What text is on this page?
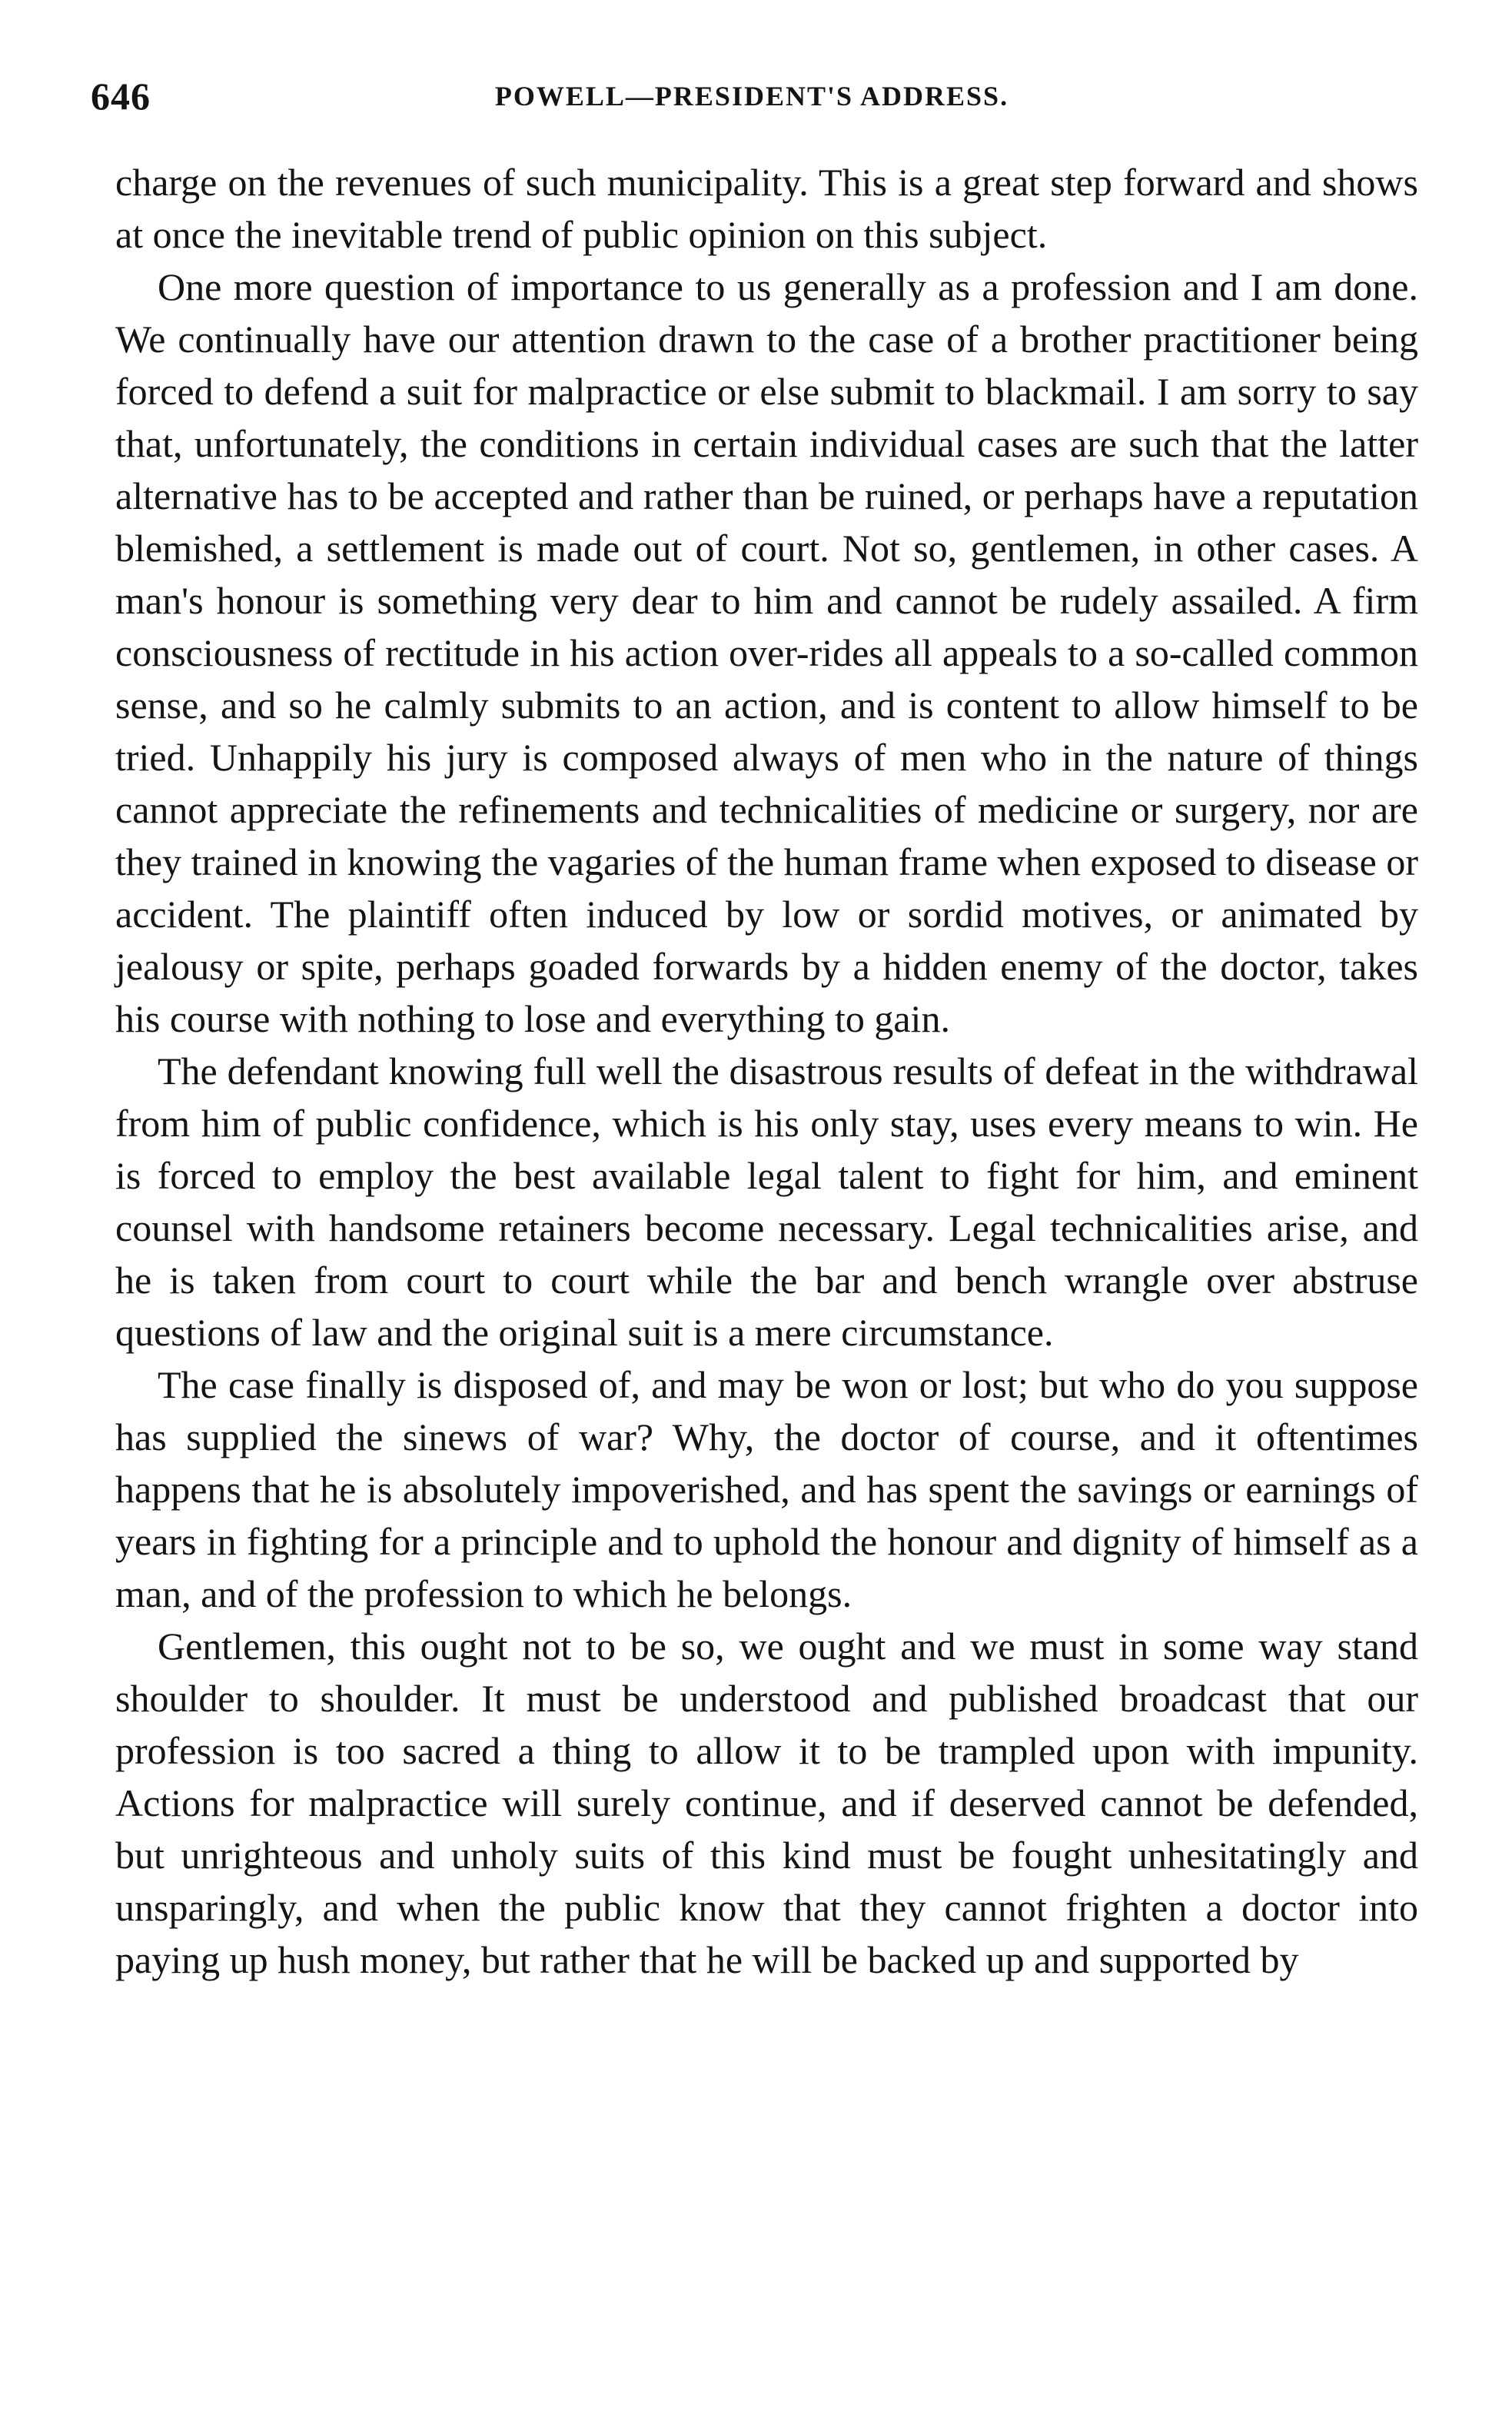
646	POWELL—PRESIDENT'S ADDRESS.

charge on the revenues of such municipality. This is a great step forward and shows at once the inevitable trend of public opinion on this subject.

One more question of importance to us generally as a profession and I am done. We continually have our attention drawn to the case of a brother practitioner being forced to defend a suit for malpractice or else submit to blackmail. I am sorry to say that, unfortunately, the conditions in certain individual cases are such that the latter alternative has to be accepted and rather than be ruined, or perhaps have a reputation blemished, a settlement is made out of court. Not so, gentlemen, in other cases. A man's honour is something very dear to him and cannot be rudely assailed. A firm consciousness of rectitude in his action over-rides all appeals to a so-called common sense, and so he calmly submits to an action, and is content to allow himself to be tried. Unhappily his jury is composed always of men who in the nature of things cannot appreciate the refinements and technicalities of medicine or surgery, nor are they trained in knowing the vagaries of the human frame when exposed to disease or accident. The plaintiff often induced by low or sordid motives, or animated by jealousy or spite, perhaps goaded forwards by a hidden enemy of the doctor, takes his course with nothing to lose and everything to gain.

The defendant knowing full well the disastrous results of defeat in the withdrawal from him of public confidence, which is his only stay, uses every means to win. He is forced to employ the best available legal talent to fight for him, and eminent counsel with handsome retainers become necessary. Legal technicalities arise, and he is taken from court to court while the bar and bench wrangle over abstruse questions of law and the original suit is a mere circumstance.

The case finally is disposed of, and may be won or lost; but who do you suppose has supplied the sinews of war? Why, the doctor of course, and it oftentimes happens that he is absolutely impoverished, and has spent the savings or earnings of years in fighting for a principle and to uphold the honour and dignity of himself as a man, and of the profession to which he belongs.

Gentlemen, this ought not to be so, we ought and we must in some way stand shoulder to shoulder. It must be understood and published broadcast that our profession is too sacred a thing to allow it to be trampled upon with impunity. Actions for malpractice will surely continue, and if deserved cannot be defended, but unrighteous and unholy suits of this kind must be fought unhesitatingly and unsparingly, and when the public know that they cannot frighten a doctor into paying up hush money, but rather that he will be backed up and supported by
